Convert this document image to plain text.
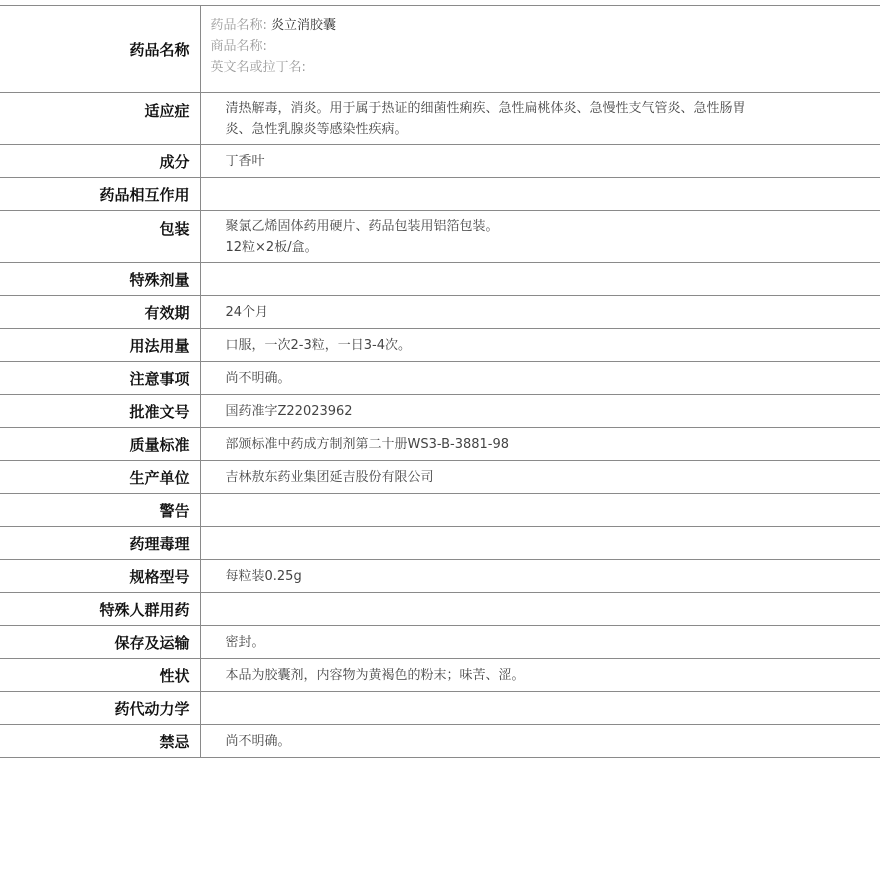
药品名称	药品名称: 炎立消胶囊
商品名称:
英文名或拉丁名:

适应症	清热解毒，消炎。用于属于热证的细菌性痢疾、急性扁桃体炎、急慢性支气管炎、急性肠胃
炎、急性乳腺炎等感染性疾病。

成分	丁香叶
药品相互作用	
包装	聚氯乙烯固体药用硬片、药品包装用铝箔包装。
12粒×2板/盒。

特殊剂量	
有效期	24个月
用法用量	口服，一次2-3粒，一日3-4次。
注意事项	尚不明确。
批准文号	国药准字Z22023962
质量标准	部颁标准中药成方制剂第二十册WS3-B-3881-98
生产单位	吉林敖东药业集团延吉股份有限公司
警告	
药理毒理	
规格型号	每粒装0.25g
特殊人群用药	
保存及运输	密封。
性状	本品为胶囊剂，内容物为黄褐色的粉末；味苦、涩。
药代动力学	
禁忌	尚不明确。
